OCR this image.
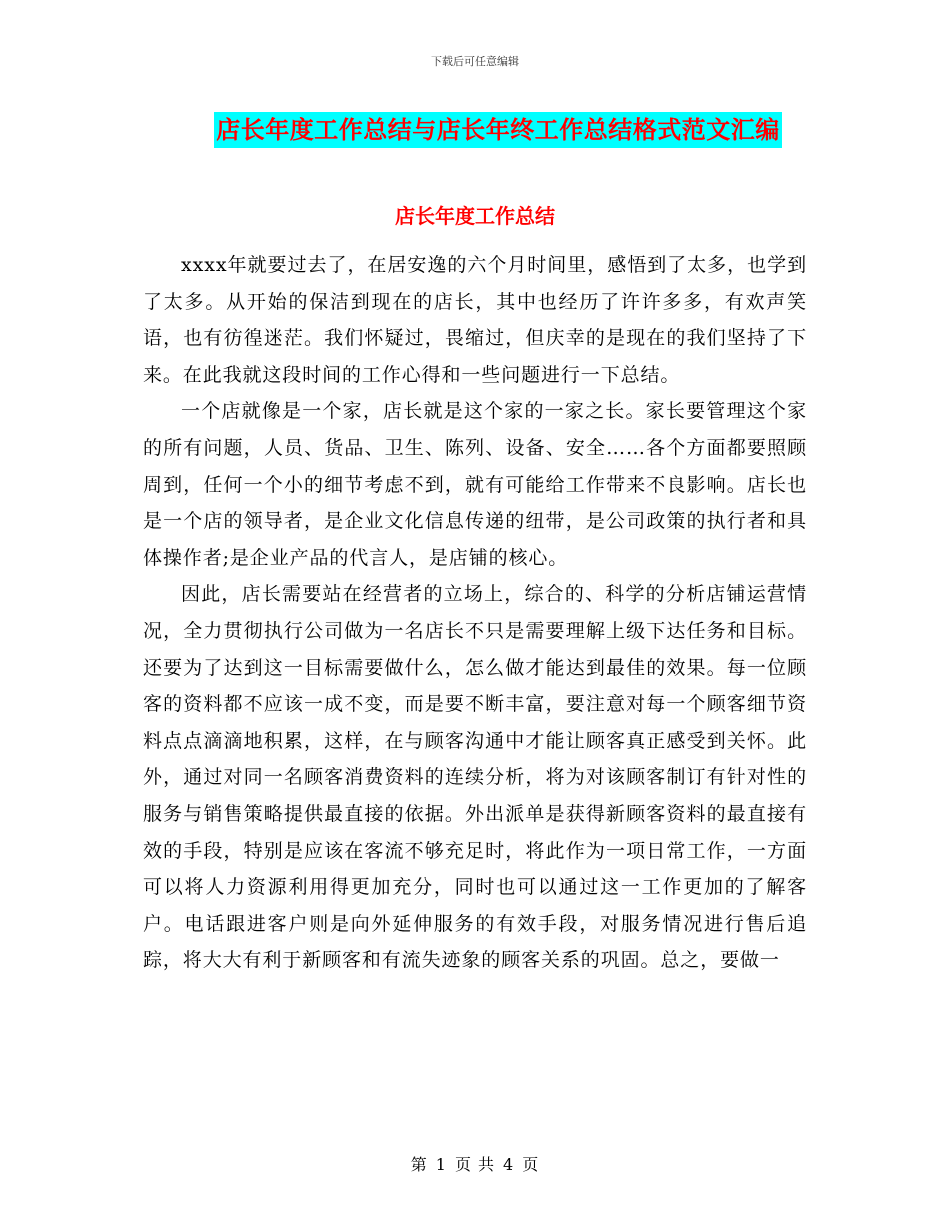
下载后可任意编辑
店长年度工作总结与店长年终工作总结格式范文汇编
店长年度工作总结

xxxx年就要过去了，在居安逸的六个月时间里，感悟到了太多，也学到了太多。从开始的保洁到现在的店长，其中也经历了许许多多，有欢声笑语，也有彷徨迷茫。我们怀疑过，畏缩过，但庆幸的是现在的我们坚持了下来。在此我就这段时间的工作心得和一些问题进行一下总结。

一个店就像是一个家，店长就是这个家的一家之长。家长要管理这个家的所有问题，人员、货品、卫生、陈列、设备、安全……各个方面都要照顾周到，任何一个小的细节考虑不到，就有可能给工作带来不良影响。店长也是一个店的领导者，是企业文化信息传递的纽带，是公司政策的执行者和具体操作者;是企业产品的代言人，是店铺的核心。

因此，店长需要站在经营者的立场上，综合的、科学的分析店铺运营情况，全力贯彻执行公司做为一名店长不只是需要理解上级下达任务和目标。还要为了达到这一目标需要做什么，怎么做才能达到最佳的效果。每一位顾客的资料都不应该一成不变，而是要不断丰富，要注意对每一个顾客细节资料点点滴滴地积累，这样，在与顾客沟通中才能让顾客真正感受到关怀。此外，通过对同一名顾客消费资料的连续分析，将为对该顾客制订有针对性的服务与销售策略提供最直接的依据。外出派单是获得新顾客资料的最直接有效的手段，特别是应该在客流不够充足时，将此作为一项日常工作，一方面可以将人力资源利用得更加充分，同时也可以通过这一工作更加的了解客户。电话跟进客户则是向外延伸服务的有效手段，对服务情况进行售后追踪，将大大有利于新顾客和有流失迹象的顾客关系的巩固。总之，要做一

第 1 页 共 4 页
